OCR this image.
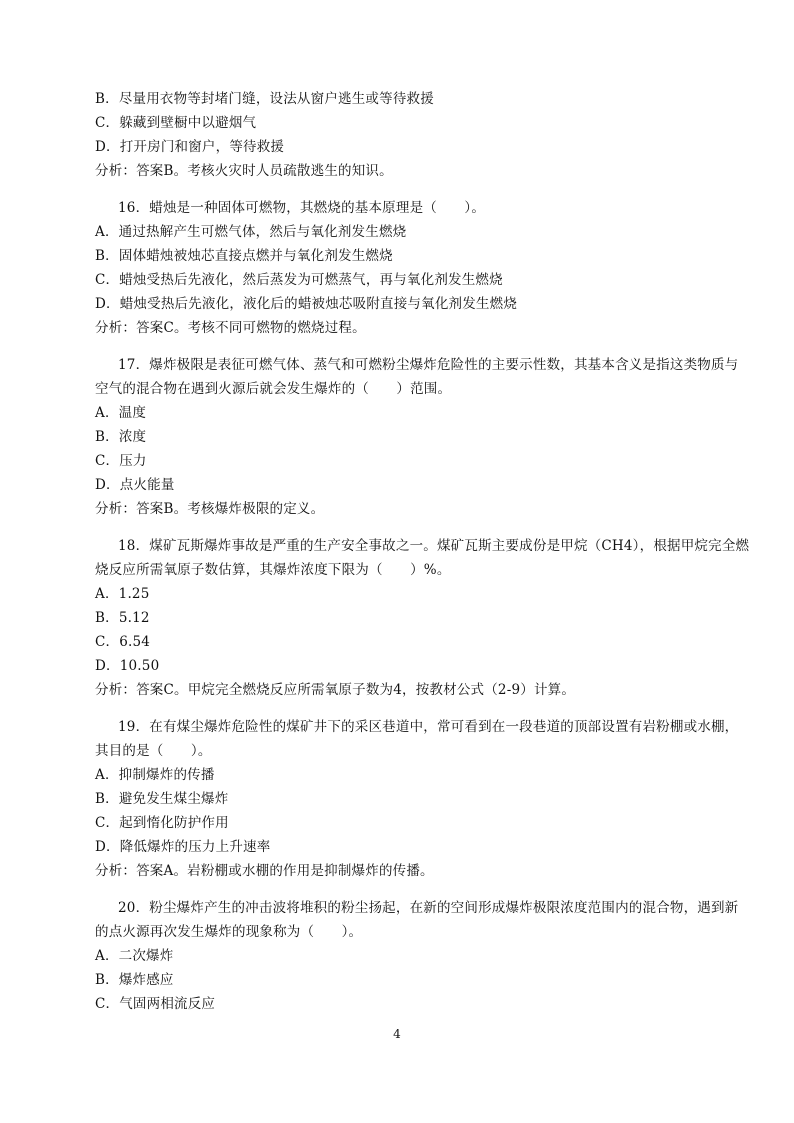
B．尽量用衣物等封堵门缝，设法从窗户逃生或等待救援
C．躲藏到壁橱中以避烟气
D．打开房门和窗户，等待救援
分析：答案B。考核火灾时人员疏散逃生的知识。
16．蜡烛是一种固体可燃物，其燃烧的基本原理是（　　）。
A．通过热解产生可燃气体，然后与氧化剂发生燃烧
B．固体蜡烛被烛芯直接点燃并与氧化剂发生燃烧
C．蜡烛受热后先液化，然后蒸发为可燃蒸气，再与氧化剂发生燃烧
D．蜡烛受热后先液化，液化后的蜡被烛芯吸附直接与氧化剂发生燃烧
分析：答案C。考核不同可燃物的燃烧过程。
17．爆炸极限是表征可燃气体、蒸气和可燃粉尘爆炸危险性的主要示性数，其基本含义是指这类物质与
空气的混合物在遇到火源后就会发生爆炸的（　　）范围。
A．温度
B．浓度
C．压力
D．点火能量
分析：答案B。考核爆炸极限的定义。
18．煤矿瓦斯爆炸事故是严重的生产安全事故之一。煤矿瓦斯主要成份是甲烷（CH4），根据甲烷完全燃
烧反应所需氧原子数估算，其爆炸浓度下限为（　　）%。
A．1.25
B．5.12
C．6.54
D．10.50
分析：答案C。甲烷完全燃烧反应所需氧原子数为4，按教材公式（2-9）计算。
19．在有煤尘爆炸危险性的煤矿井下的采区巷道中，常可看到在一段巷道的顶部设置有岩粉棚或水棚，
其目的是（　　）。
A．抑制爆炸的传播
B．避免发生煤尘爆炸
C．起到惰化防护作用
D．降低爆炸的压力上升速率
分析：答案A。岩粉棚或水棚的作用是抑制爆炸的传播。
20．粉尘爆炸产生的冲击波将堆积的粉尘扬起，在新的空间形成爆炸极限浓度范围内的混合物，遇到新
的点火源再次发生爆炸的现象称为（　　）。
A．二次爆炸
B．爆炸感应
C．气固两相流反应
4
